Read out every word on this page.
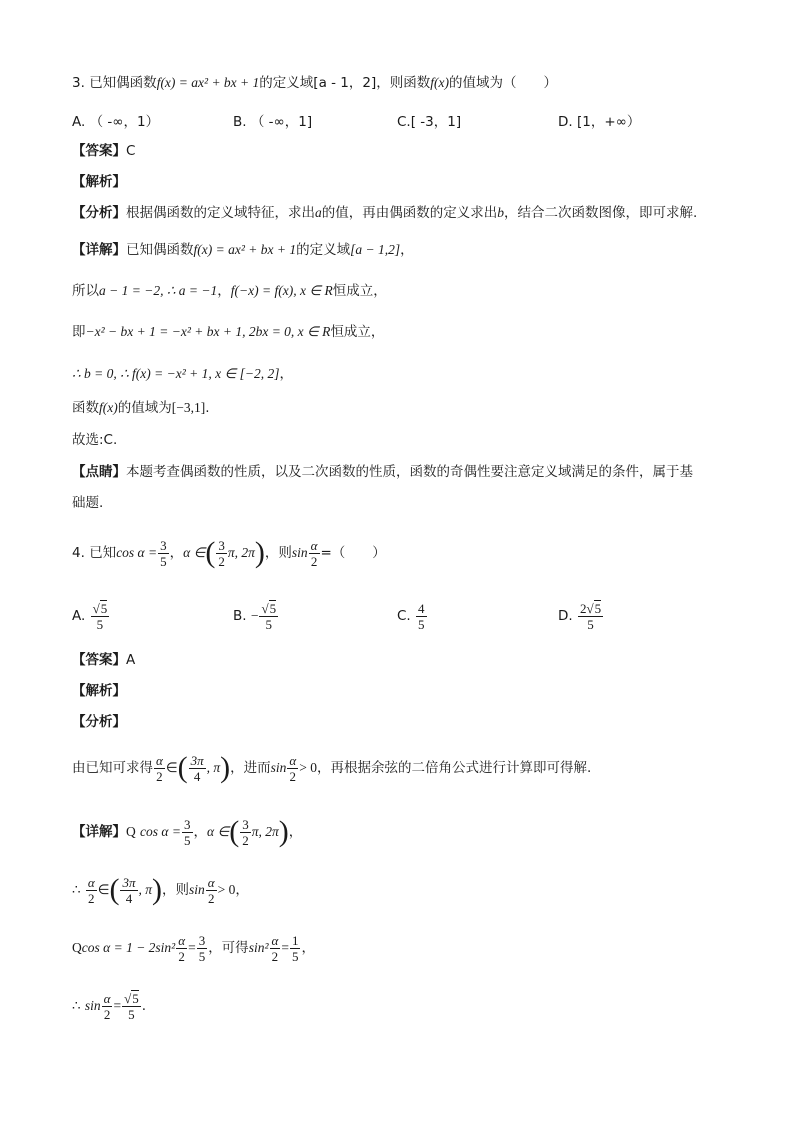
3. 已知偶函数f(x) = ax² + bx + 1的定义域[a - 1，2]，则函数f(x)的值域为（　　）
A. （ -∞，1）	B. （ -∞，1]	C.[ -3，1]	D. [1，+∞）
【答案】C
【解析】
【分析】根据偶函数的定义域特征，求出a的值，再由偶函数的定义求出b，结合二次函数图像，即可求解.
【详解】已知偶函数f(x) = ax² + bx + 1的定义域[a − 1,2]，
所以a − 1 = −2, ∴ a = −1，f(−x) = f(x), x ∈ R恒成立，
即−x² − bx + 1 = −x² + bx + 1, 2bx = 0, x ∈ R恒成立，
∴ b = 0, ∴ f(x) = −x² + 1, x ∈ [−2, 2]，
函数f(x)的值域为[−3,1].
故选:C.
【点睛】本题考查偶函数的性质，以及二次函数的性质，函数的奇偶性要注意定义域满足的条件，属于基
础题.
4. 已知$\cos \alpha = \frac{3}{5}$ ，α ∈( $\frac{3}{2} \pi$, 2π)，则$\sin \frac{\alpha}{2}$ =（　　）
A. $\frac{√5}{5}$	B. − $\frac{√5}{5}$	C. $\frac{4}{5}$	D. $\frac{2√5}{5}$
【答案】A
【解析】
【分析】
由已知可求得 $\frac{\alpha}{2}$ ∈( $\frac{3\pi}{4}$ , π)，进而$\sin \frac{\alpha}{2} > 0$，再根据余弦的二倍角公式进行计算即可得解.
【详解】Q $\cos \alpha = \frac{3}{5}$ ，α ∈( $\frac{3}{2} \pi$, 2π)，
∴ $\frac{\alpha}{2}$ ∈( $\frac{3\pi}{4}$ , π)，则$\sin \frac{\alpha}{2} > 0$，
Qcos $\alpha = 1 - 2\sin^2 \frac{\alpha}{2} = \frac{3}{5}$ ，可得$\sin^2 \frac{\alpha}{2} = \frac{1}{5}$ ，
∴ $\sin \frac{\alpha}{2} = \frac{√5}{5}$ .
